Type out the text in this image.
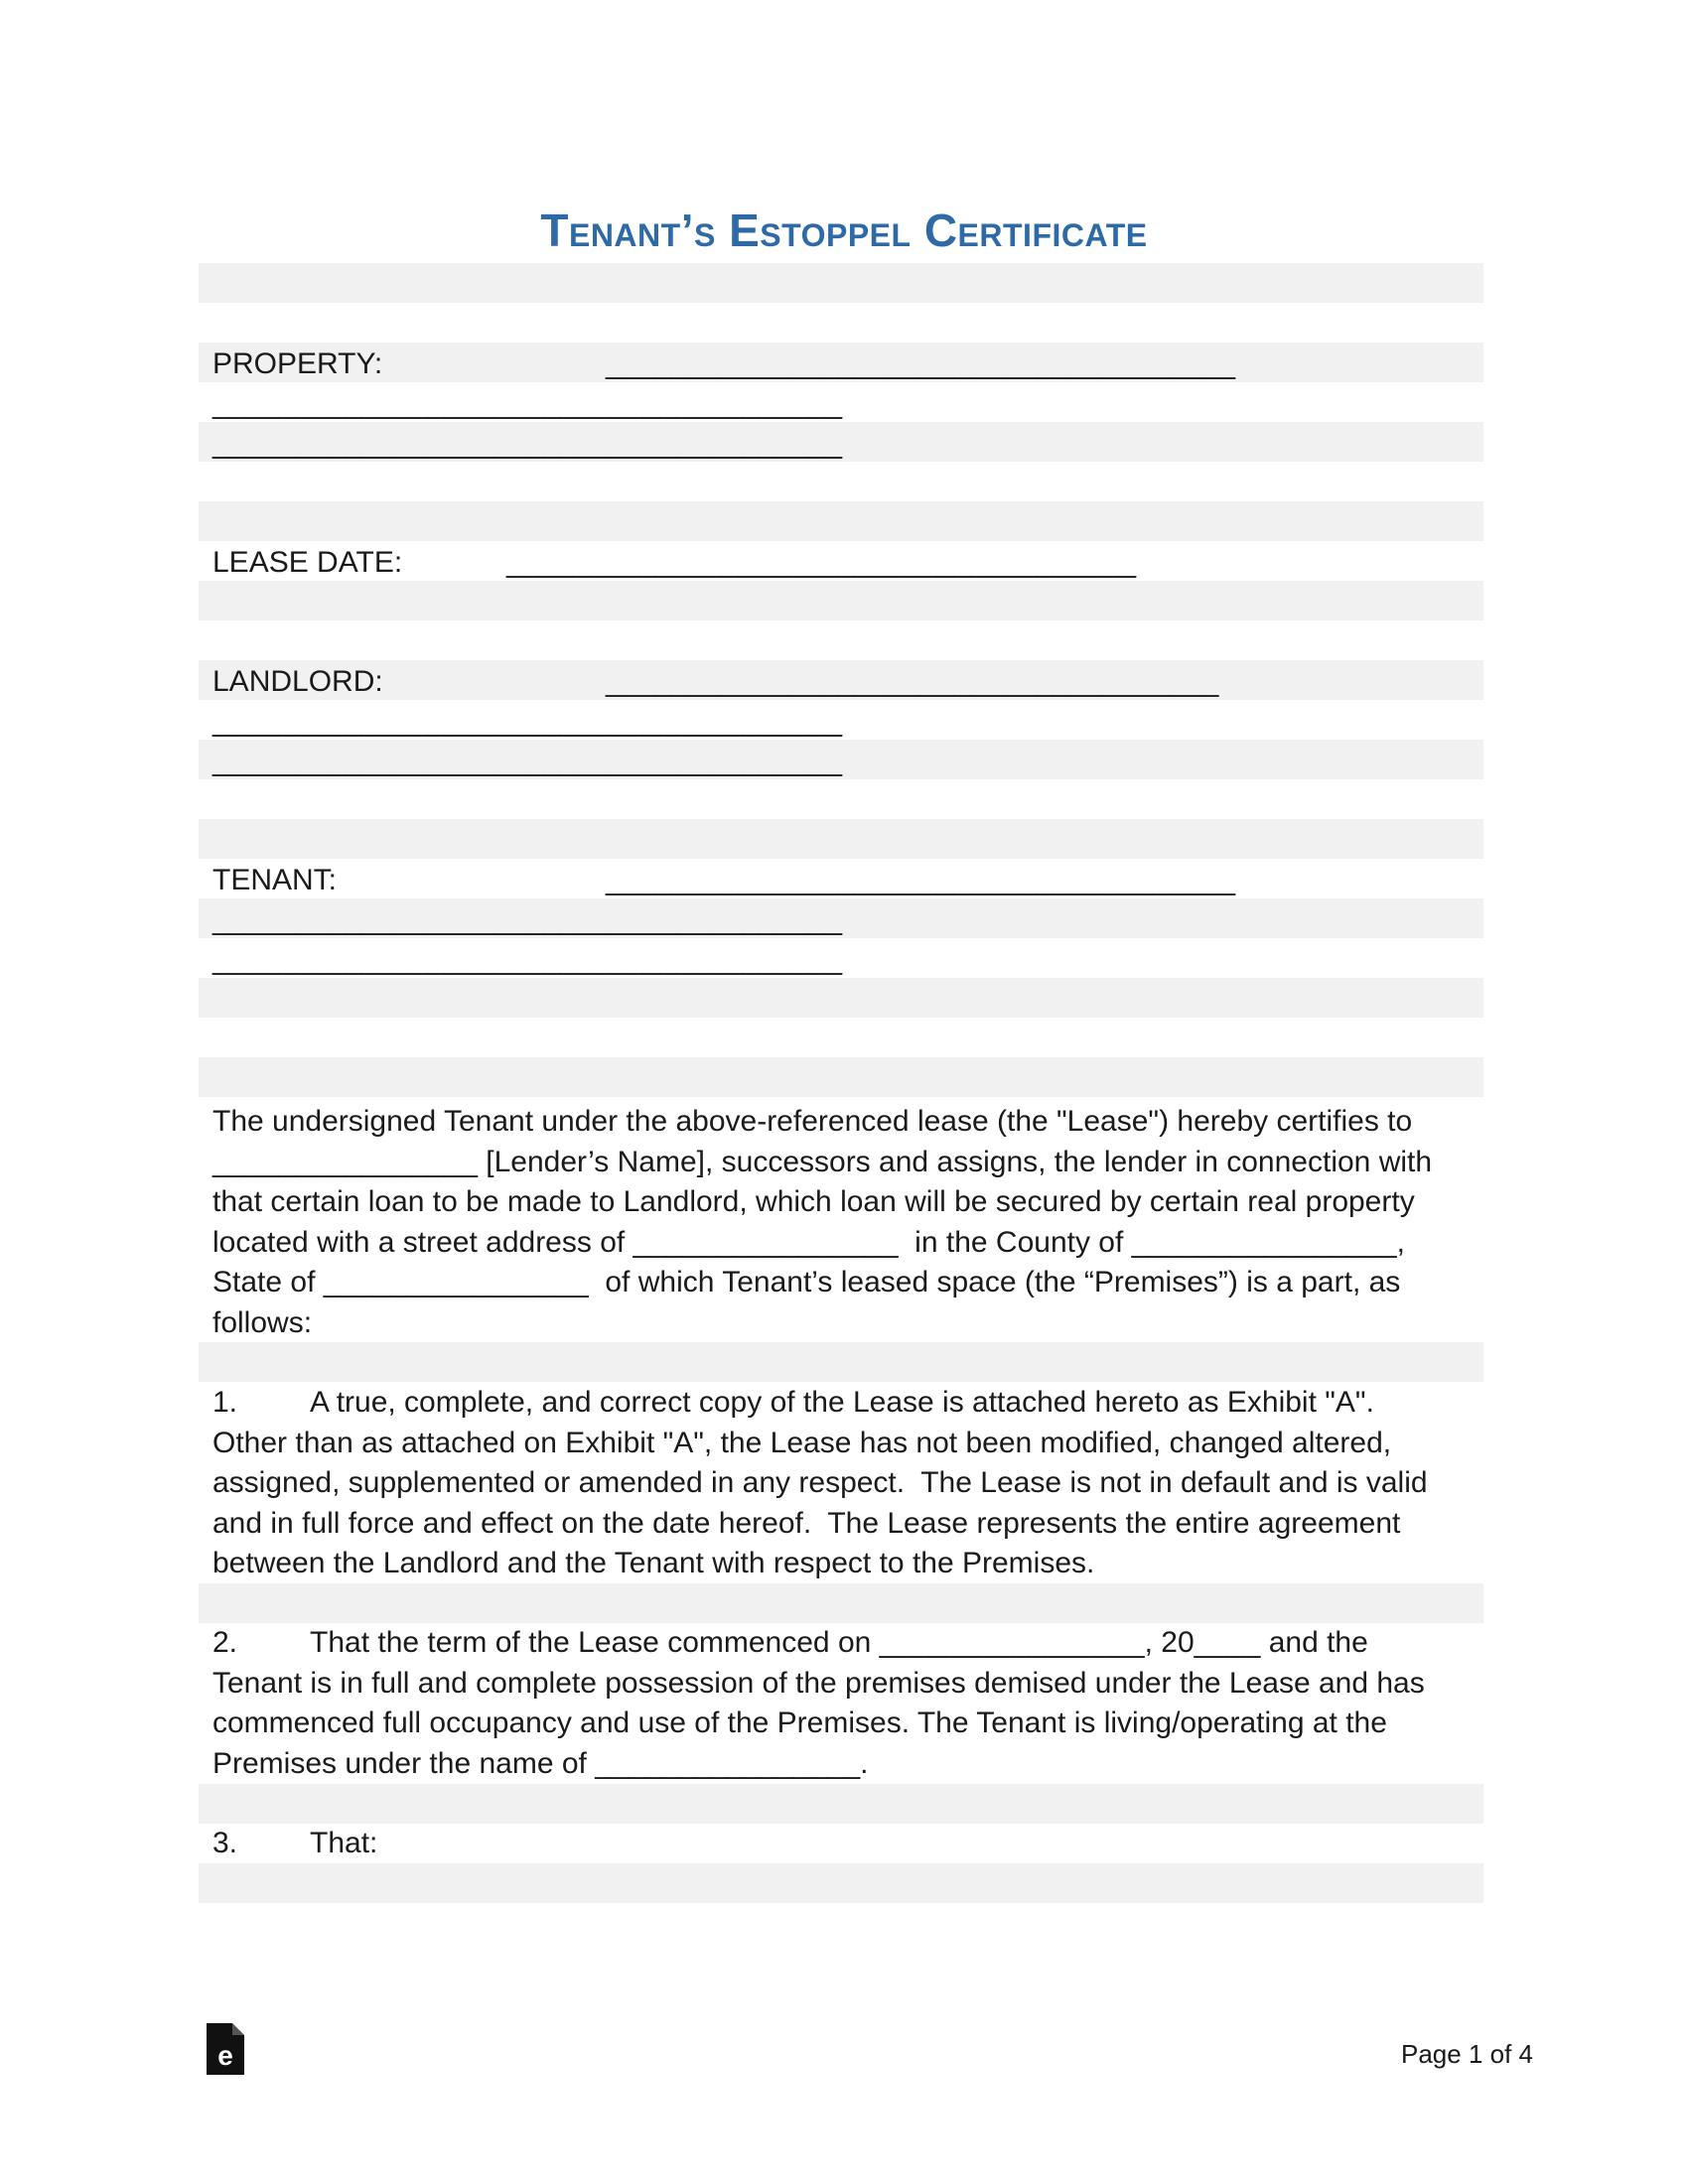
Tenant’s Estoppel Certificate
PROPERTY:	______________________________________
______________________________________
______________________________________
LEASE DATE:	______________________________________
LANDLORD:	_____________________________________
______________________________________
______________________________________
TENANT:	______________________________________
______________________________________
______________________________________
The undersigned Tenant under the above-referenced lease (the "Lease") hereby certifies to
________________ [Lender’s Name], successors and assigns, the lender in connection with
that certain loan to be made to Landlord, which loan will be secured by certain real property
located with a street address of ________________  in the County of ________________,
State of ________________  of which Tenant’s leased space (the “Premises”) is a part, as
follows:
1. A true, complete, and correct copy of the Lease is attached hereto as Exhibit "A".
Other than as attached on Exhibit "A", the Lease has not been modified, changed altered,
assigned, supplemented or amended in any respect.  The Lease is not in default and is valid
and in full force and effect on the date hereof.  The Lease represents the entire agreement
between the Landlord and the Tenant with respect to the Premises.
2. That the term of the Lease commenced on ________________, 20____ and the
Tenant is in full and complete possession of the premises demised under the Lease and has
commenced full occupancy and use of the Premises. The Tenant is living/operating at the
Premises under the name of ________________.
3. That:
e	Page 1 of 4
